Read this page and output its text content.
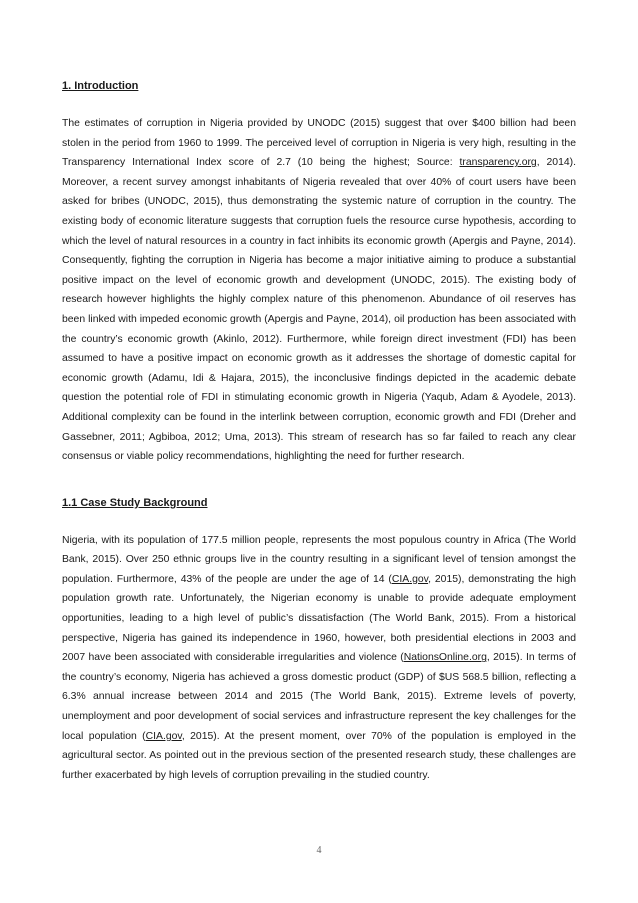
1. Introduction

The estimates of corruption in Nigeria provided by UNODC (2015) suggest that over $400 billion had been stolen in the period from 1960 to 1999. The perceived level of corruption in Nigeria is very high, resulting in the Transparency International Index score of 2.7 (10 being the highest; Source: transparency.org, 2014). Moreover, a recent survey amongst inhabitants of Nigeria revealed that over 40% of court users have been asked for bribes (UNODC, 2015), thus demonstrating the systemic nature of corruption in the country. The existing body of economic literature suggests that corruption fuels the resource curse hypothesis, according to which the level of natural resources in a country in fact inhibits its economic growth (Apergis and Payne, 2014). Consequently, fighting the corruption in Nigeria has become a major initiative aiming to produce a substantial positive impact on the level of economic growth and development (UNODC, 2015). The existing body of research however highlights the highly complex nature of this phenomenon. Abundance of oil reserves has been linked with impeded economic growth (Apergis and Payne, 2014), oil production has been associated with the country’s economic growth (Akinlo, 2012). Furthermore, while foreign direct investment (FDI) has been assumed to have a positive impact on economic growth as it addresses the shortage of domestic capital for economic growth (Adamu, Idi & Hajara, 2015), the inconclusive findings depicted in the academic debate question the potential role of FDI in stimulating economic growth in Nigeria (Yaqub, Adam & Ayodele, 2013). Additional complexity can be found in the interlink between corruption, economic growth and FDI (Dreher and Gassebner, 2011; Agbiboa, 2012; Uma, 2013). This stream of research has so far failed to reach any clear consensus or viable policy recommendations, highlighting the need for further research.

1.1 Case Study Background

Nigeria, with its population of 177.5 million people, represents the most populous country in Africa (The World Bank, 2015). Over 250 ethnic groups live in the country resulting in a significant level of tension amongst the population. Furthermore, 43% of the people are under the age of 14 (CIA.gov, 2015), demonstrating the high population growth rate. Unfortunately, the Nigerian economy is unable to provide adequate employment opportunities, leading to a high level of public’s dissatisfaction (The World Bank, 2015). From a historical perspective, Nigeria has gained its independence in 1960, however, both presidential elections in 2003 and 2007 have been associated with considerable irregularities and violence (NationsOnline.org, 2015). In terms of the country’s economy, Nigeria has achieved a gross domestic product (GDP) of $US 568.5 billion, reflecting a 6.3% annual increase between 2014 and 2015 (The World Bank, 2015). Extreme levels of poverty, unemployment and poor development of social services and infrastructure represent the key challenges for the local population (CIA.gov, 2015). At the present moment, over 70% of the population is employed in the agricultural sector. As pointed out in the previous section of the presented research study, these challenges are further exacerbated by high levels of corruption prevailing in the studied country.

4
